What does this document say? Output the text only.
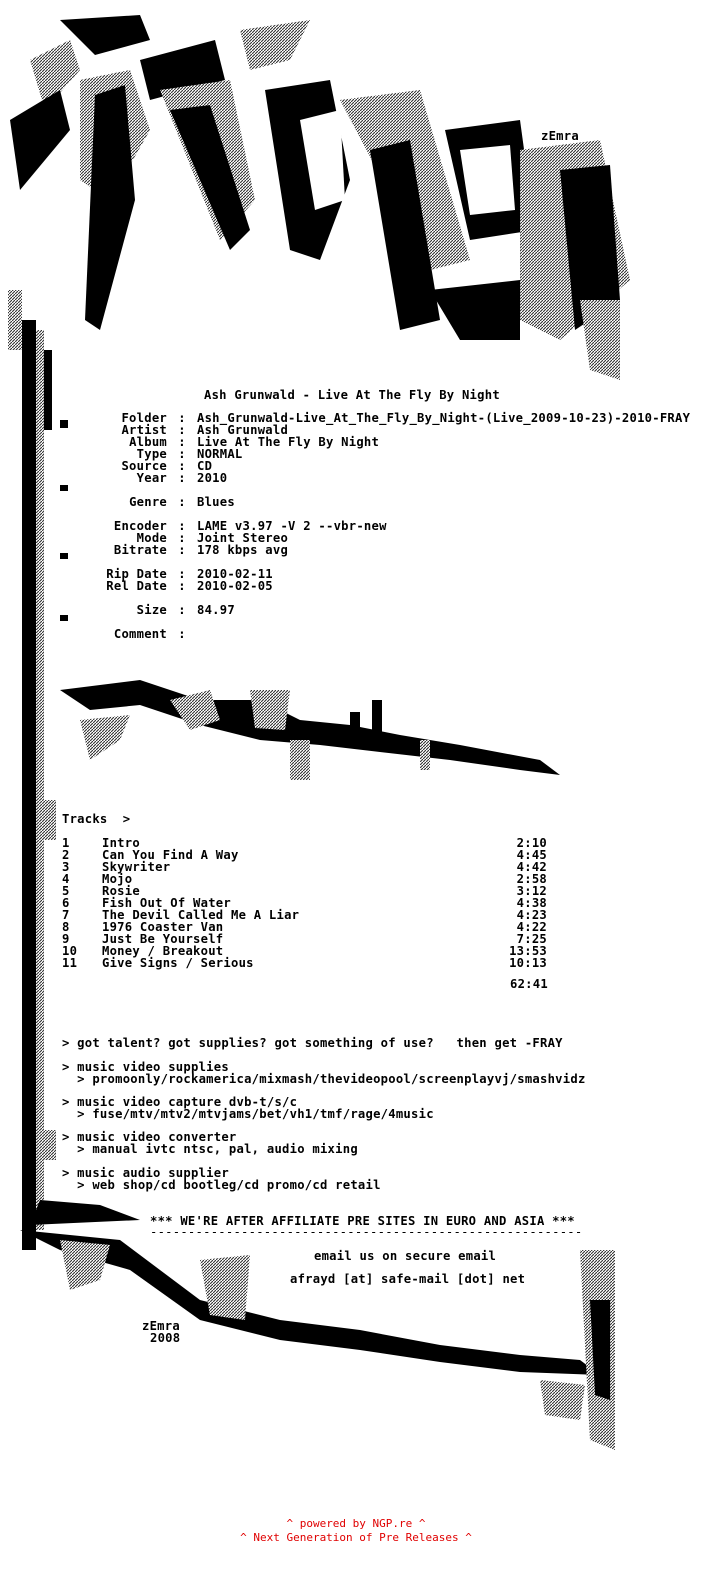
zEmra
Ash Grunwald - Live At The Fly By Night
Folder : Ash_Grunwald-Live_At_The_Fly_By_Night-(Live_2009-10-23)-2010-FRAY
Artist : Ash Grunwald
Album : Live At The Fly By Night
Type : NORMAL
Source : CD
Year : 2010
Genre : Blues
Encoder : LAME v3.97 -V 2 --vbr-new
Mode : Joint Stereo
Bitrate : 178 kbps avg
Rip Date : 2010-02-11
Rel Date : 2010-02-05
Size : 84.97
Comment :
Tracks  >
1	Intro	2:10
2	Can You Find A Way	4:45
3	Skywriter	4:42
4	Mojo	2:58
5	Rosie	3:12
6	Fish Out Of Water	4:38
7	The Devil Called Me A Liar	4:23
8	1976 Coaster Van	4:22
9	Just Be Yourself	7:25
10 Money / Breakout	13:53
11 Give Signs / Serious	10:13
62:41
> got talent? got supplies? got something of use?   then get -FRAY
> music video supplies
> promoonly/rockamerica/mixmash/thevideopool/screenplayvj/smashvidz
> music video capture dvb-t/s/c
> fuse/mtv/mtv2/mtvjams/bet/vh1/tmf/rage/4music
> music video converter
> manual ivtc ntsc, pal, audio mixing
> music audio supplier
> web shop/cd bootleg/cd promo/cd retail
*** WE'RE AFTER AFFILIATE PRE SITES IN EURO AND ASIA ***
---------------------------------------------------------
email us on secure email
afrayd [at] safe-mail [dot] net
zEmra
2008
^ powered by NGP.re ^
^ Next Generation of Pre Releases ^
